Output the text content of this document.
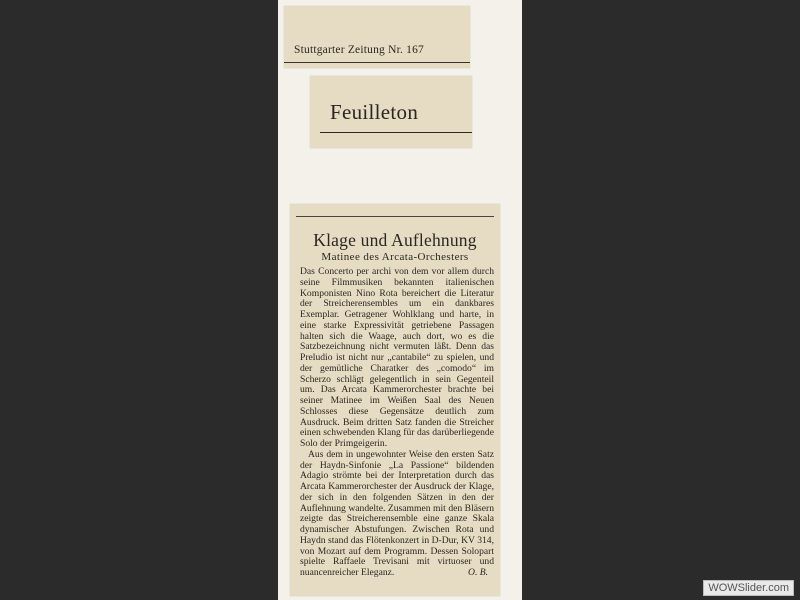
Stuttgarter Zeitung Nr. 167
Feuilleton
Klage und Auflehnung
Matinee des Arcata-Orchesters

Das Concerto per archi von dem vor allem durch seine Filmmusiken bekannten italienischen Komponisten Nino Rota bereichert die Literatur der Streicherensembles um ein dankbares Exemplar. Getragener Wohlklang und harte, in eine starke Expressivität getriebene Passagen halten sich die Waage, auch dort, wo es die Satzbezeichnung nicht vermuten läßt. Denn das Preludio ist nicht nur „cantabile“ zu spielen, und der gemütliche Charatker des „comodo“ im Scherzo schlägt gelegentlich in sein Gegenteil um. Das Arcata Kammerorchester brachte bei seiner Matinee im Weißen Saal des Neuen Schlosses diese Gegensätze deutlich zum Ausdruck. Beim dritten Satz fanden die Streicher einen schwebenden Klang für das darüberliegende Solo der Primgeigerin.

Aus dem in ungewohnter Weise den ersten Satz der Haydn-Sinfonie „La Passione“ bildenden Adagio strömte bei der Interpretation durch das Arcata Kammerorchester der Ausdruck der Klage, der sich in den folgenden Sätzen in den der Auflehnung wandelte. Zusammen mit den Bläsern zeigte das Streicherensemble eine ganze Skala dynamischer Abstufungen. Zwischen Rota und Haydn stand das Flötenkonzert in D-Dur, KV 314, von Mozart auf dem Programm. Dessen Solopart spielte Raffaele Trevisani mit virtuoser und nuancenreicher Eleganz.	O. B.

WOWSlider.com
